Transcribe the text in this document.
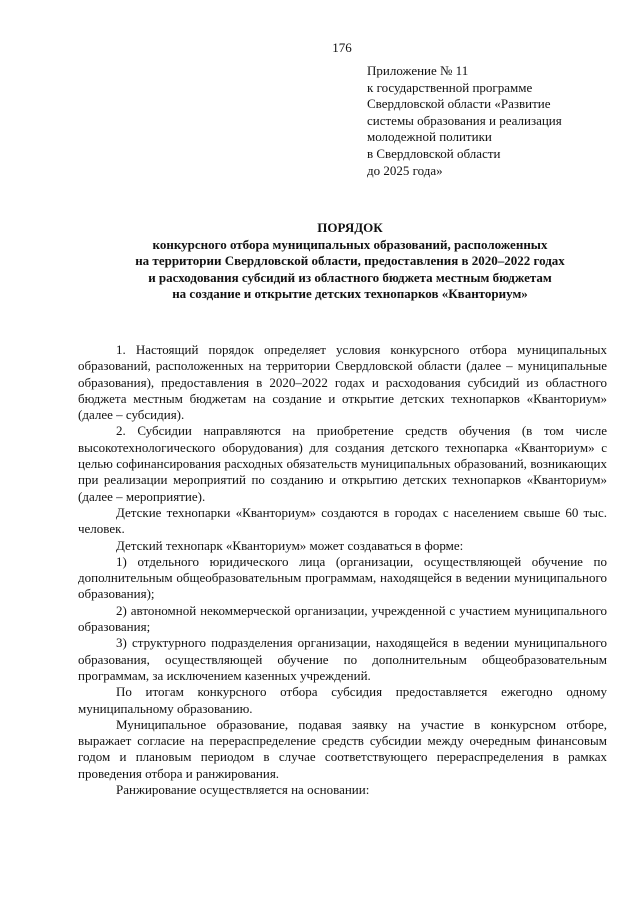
176
Приложение № 11
к государственной программе
Свердловской области «Развитие
системы образования и реализация
молодежной политики
в Свердловской области
до 2025 года»
ПОРЯДОК
конкурсного отбора муниципальных образований, расположенных
на территории Свердловской области, предоставления в 2020–2022 годах
и расходования субсидий из областного бюджета местным бюджетам
на создание и открытие детских технопарков «Кванториум»

1. Настоящий порядок определяет условия конкурсного отбора муниципальных образований, расположенных на территории Свердловской области (далее – муниципальные образования), предоставления в 2020–2022 годах и расходования субсидий из областного бюджета местным бюджетам на создание и открытие детских технопарков «Кванториум» (далее – субсидия).

2. Субсидии направляются на приобретение средств обучения (в том числе высокотехнологического оборудования) для создания детского технопарка «Кванториум» с целью софинансирования расходных обязательств муниципальных образований, возникающих при реализации мероприятий по созданию и открытию детских технопарков «Кванториум» (далее – мероприятие).

Детские технопарки «Кванториум» создаются в городах с населением свыше 60 тыс. человек.

Детский технопарк «Кванториум» может создаваться в форме:

1) отдельного юридического лица (организации, осуществляющей обучение по дополнительным общеобразовательным программам, находящейся в ведении муниципального образования);

2) автономной некоммерческой организации, учрежденной с участием муниципального образования;

3) структурного подразделения организации, находящейся в ведении муниципального образования, осуществляющей обучение по дополнительным общеобразовательным программам, за исключением казенных учреждений.

По итогам конкурсного отбора субсидия предоставляется ежегодно одному муниципальному образованию.

Муниципальное образование, подавая заявку на участие в конкурсном отборе, выражает согласие на перераспределение средств субсидии между очередным финансовым годом и плановым периодом в случае соответствующего перераспределения в рамках проведения отбора и ранжирования.

Ранжирование осуществляется на основании:
